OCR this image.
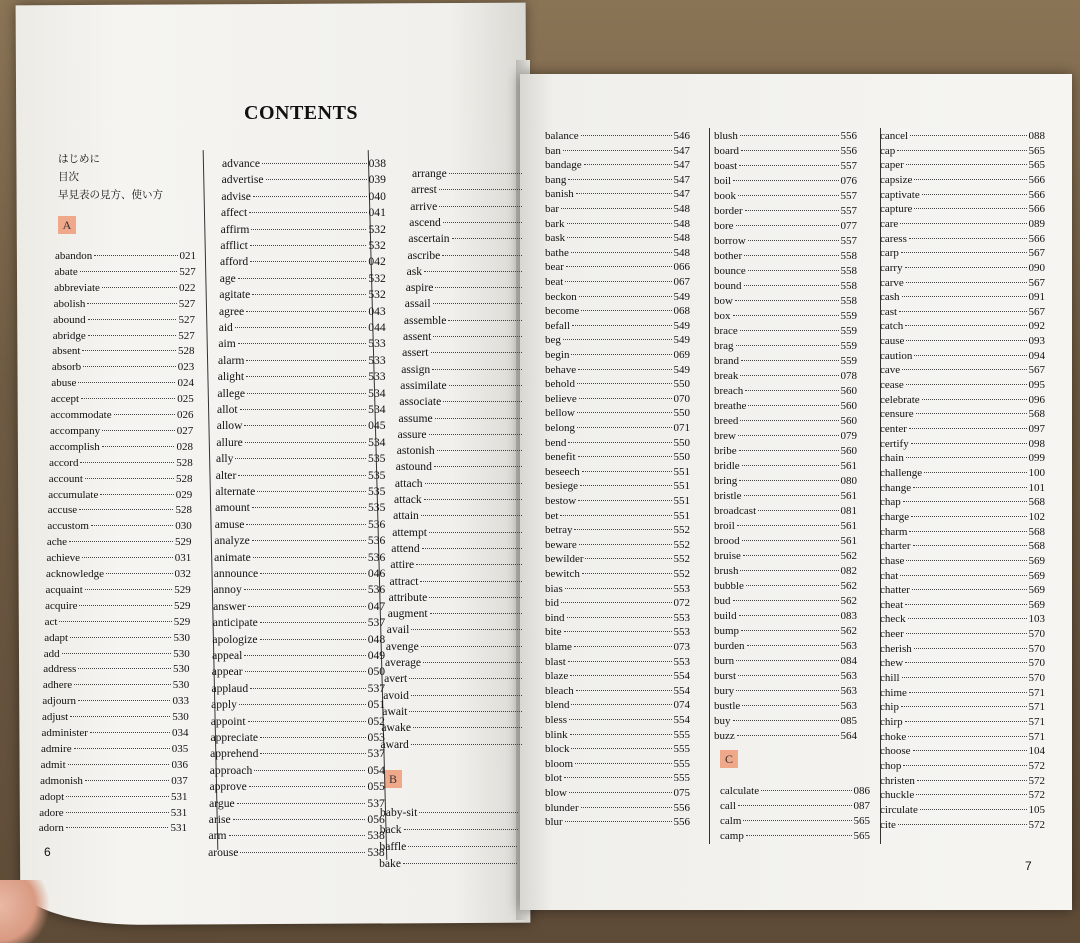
CONTENTS
はじめに
目次
早見表の見方、使い方
A
B
C
abandon	021
abate	527
abbreviate	022
abolish	527
abound	527
abridge	527
absent	528
absorb	023
abuse	024
accept	025
accommodate	026
accompany	027
accomplish	028
accord	528
account	528
accumulate	029
accuse	528
accustom	030
ache	529
achieve	031
acknowledge	032
acquaint	529
acquire	529
act	529
adapt	530
add	530
address	530
adhere	530
adjourn	033
adjust	530
administer	034
admire	035
admit	036
admonish	037
adopt	531
adore	531
adorn	531
advance	038
advertise	039
advise	040
affect	041
affirm	532
afflict	532
afford	042
age	532
agitate	532
agree	043
aid	044
aim	533
alarm	533
alight	533
allege	534
allot	534
allow	045
allure	534
ally	535
alter	535
alternate	535
amount	535
amuse	536
analyze	536
animate	536
announce	046
annoy	536
answer	047
anticipate	537
apologize	048
appeal	049
appear	050
applaud	537
apply	051
appoint	052
appreciate	053
apprehend	537
approach	054
approve	055
argue	537
arise	056
arm	538
arouse	538
arrange
arrest
arrive
ascend
ascertain
ascribe
ask
aspire
assail
assemble
assent
assert
assign
assimilate
associate
assume
assure
astonish
astound
attach
attack
attain
attempt
attend
attire
attract
attribute
augment
avail
avenge
average
avert
avoid
await
awake
award
baby-sit
back
baffle
bake
balance	546
ban	547
bandage	547
bang	547
banish	547
bar	548
bark	548
bask	548
bathe	548
bear	066
beat	067
beckon	549
become	068
befall	549
beg	549
begin	069
behave	549
behold	550
believe	070
bellow	550
belong	071
bend	550
benefit	550
beseech	551
besiege	551
bestow	551
bet	551
betray	552
beware	552
bewilder	552
bewitch	552
bias	553
bid	072
bind	553
bite	553
blame	073
blast	553
blaze	554
bleach	554
blend	074
bless	554
blink	555
block	555
bloom	555
blot	555
blow	075
blunder	556
blur	556
blush	556
board	556
boast	557
boil	076
book	557
border	557
bore	077
borrow	557
bother	558
bounce	558
bound	558
bow	558
box	559
brace	559
brag	559
brand	559
break	078
breach	560
breathe	560
breed	560
brew	079
bribe	560
bridle	561
bring	080
bristle	561
broadcast	081
broil	561
brood	561
bruise	562
brush	082
bubble	562
bud	562
build	083
bump	562
burden	563
burn	084
burst	563
bury	563
bustle	563
buy	085
buzz	564
calculate	086
call	087
calm	565
camp	565
cancel	088
cap	565
caper	565
capsize	566
captivate	566
capture	566
care	089
caress	566
carp	567
carry	090
carve	567
cash	091
cast	567
catch	092
cause	093
caution	094
cave	567
cease	095
celebrate	096
censure	568
center	097
certify	098
chain	099
challenge	100
change	101
chap	568
charge	102
charm	568
charter	568
chase	569
chat	569
chatter	569
cheat	569
check	103
cheer	570
cherish	570
chew	570
chill	570
chime	571
chip	571
chirp	571
choke	571
choose	104
chop	572
christen	572
chuckle	572
circulate	105
cite	572
6
7
